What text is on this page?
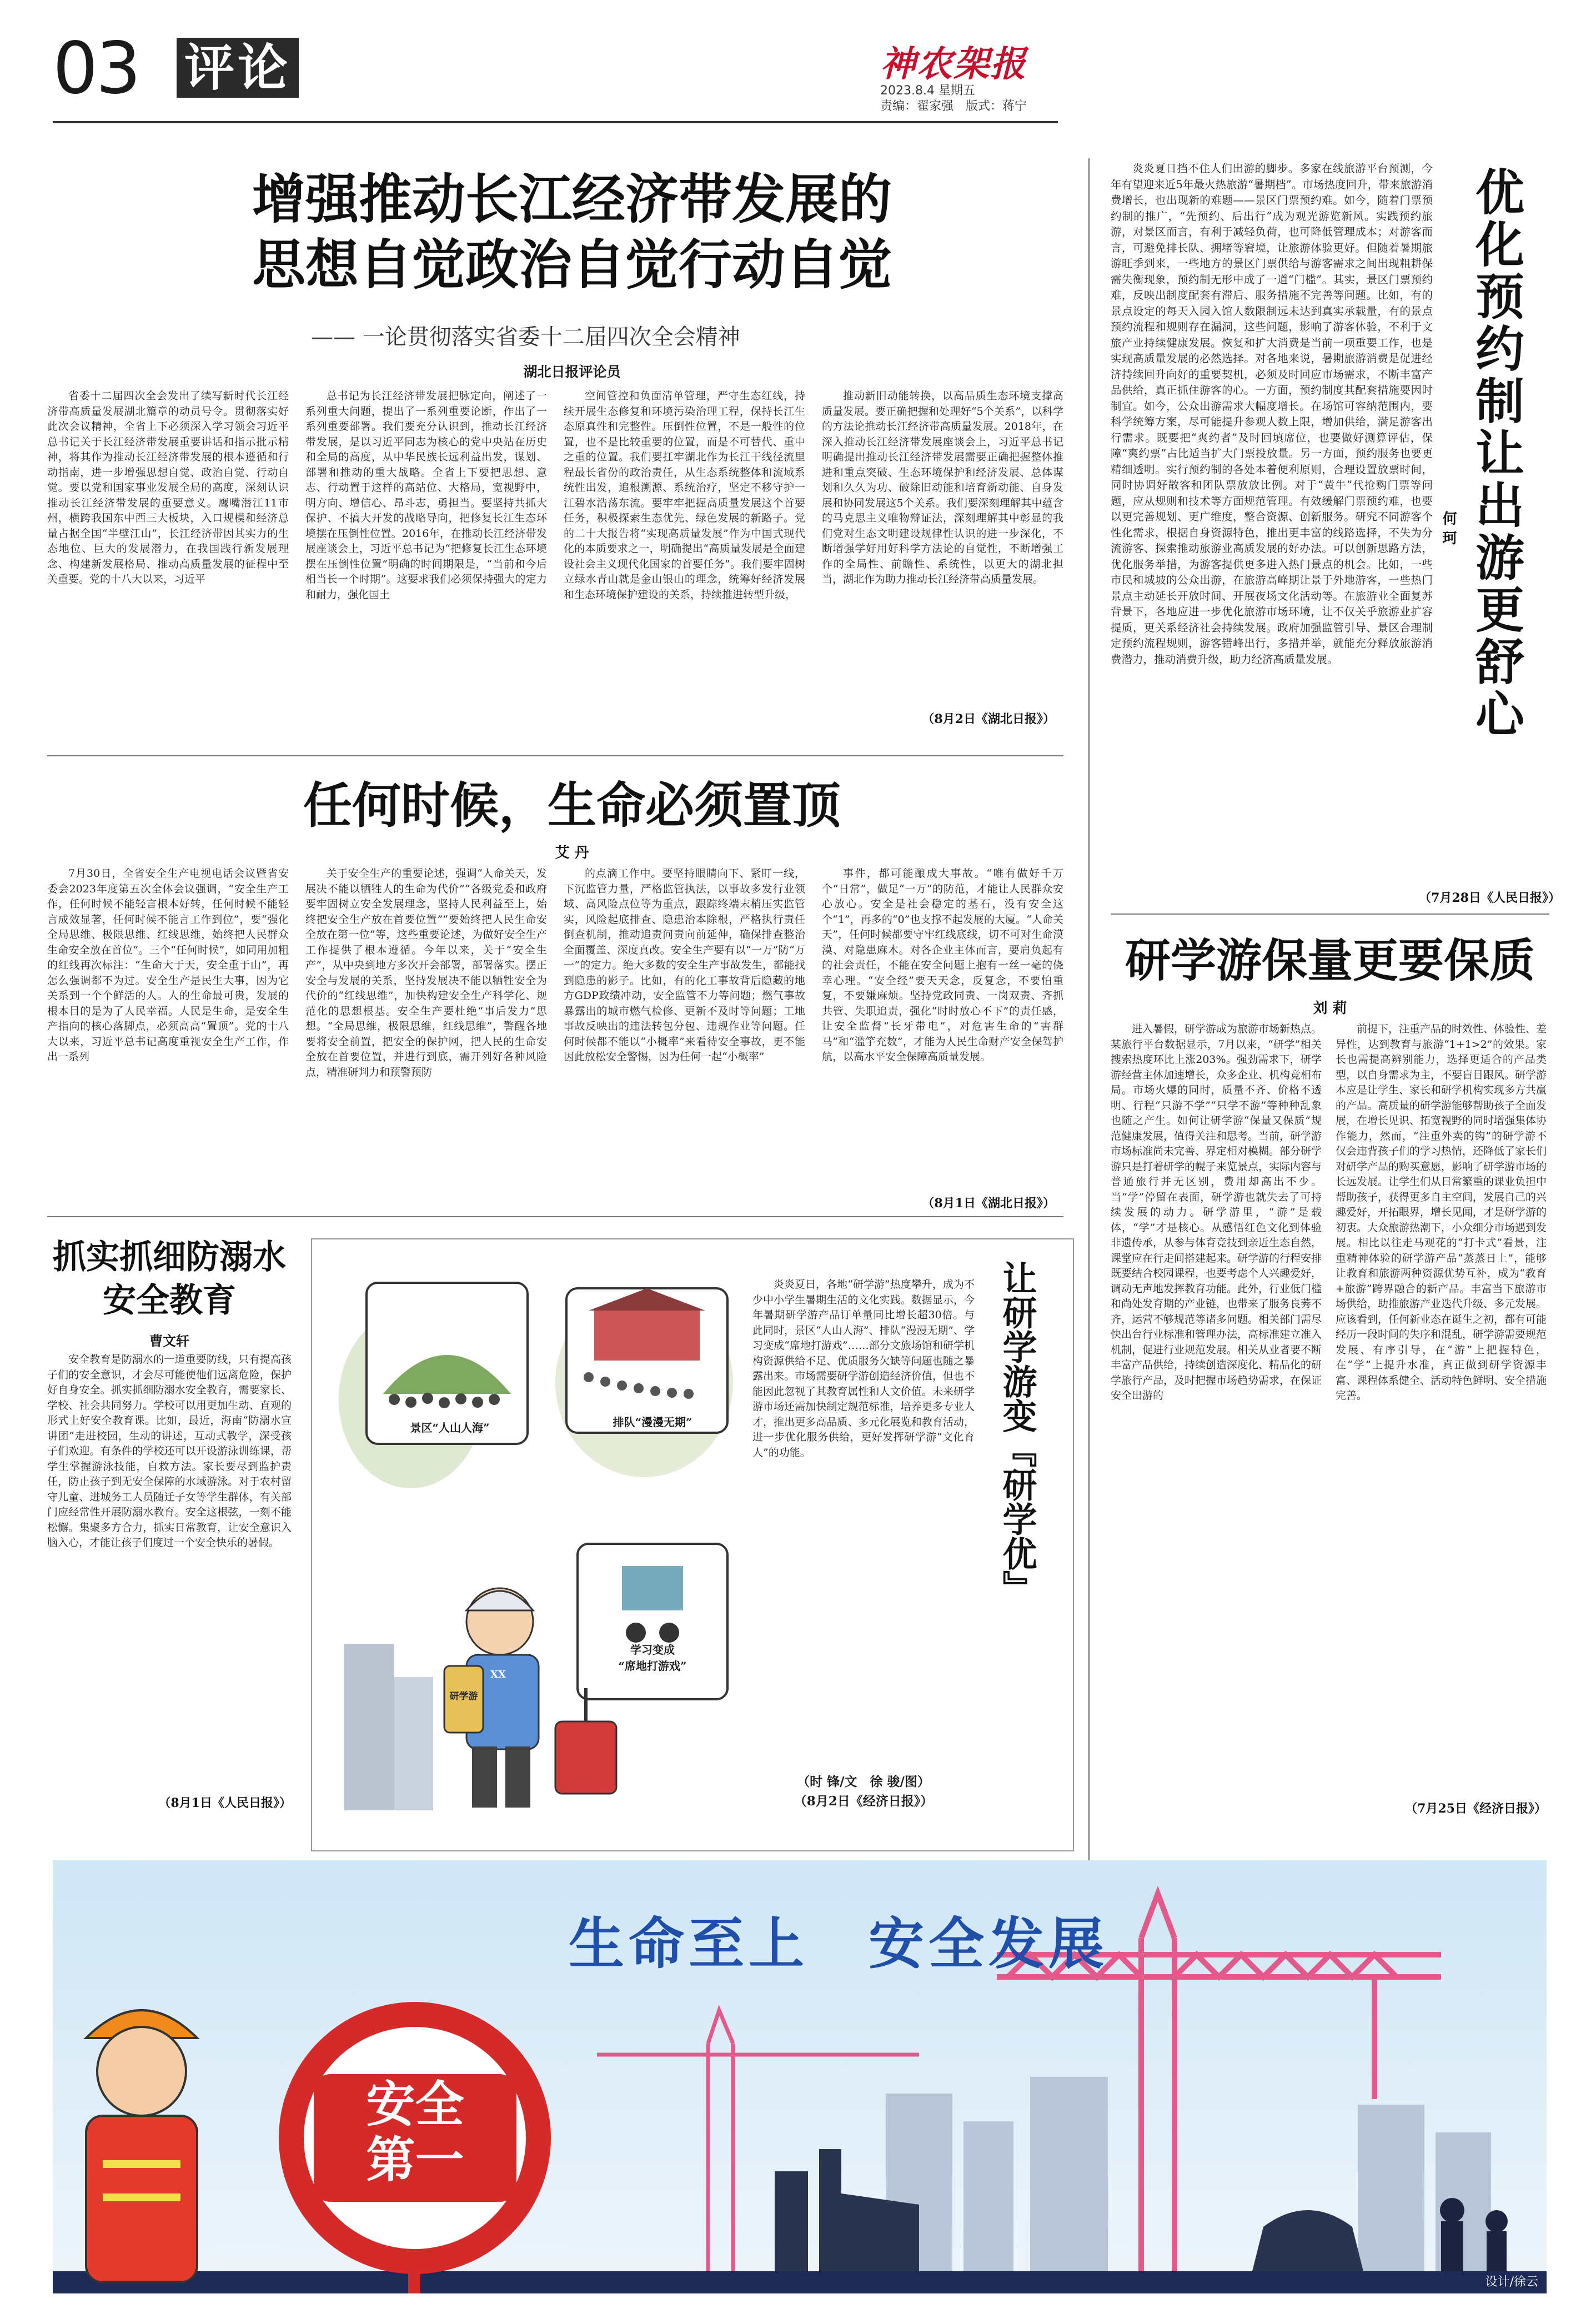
03 评论	神农架报
2023.8.4 星期五
责编：翟家强　版式：蒋宁
增强推动长江经济带发展的
思想自觉政治自觉行动自觉
—— 一论贯彻落实省委十二届四次全会精神
湖北日报评论员
省委十二届四次全会发出了续写新时代长江经济带高质量发展湖北篇章的动员号令。贯彻落实好此次会议精神，全省上下必须深入学习领会习近平总书记关于长江经济带发展重要讲话和指示批示精神，将其作为推动长江经济带发展的根本遵循和行动指南，进一步增强思想自觉、政治自觉、行动自觉。要以党和国家事业发展全局的高度，深刻认识推动长江经济带发展的重要意义。鹰嘴潜江11市州，横跨我国东中西三大板块，入口规模和经济总量占据全国“半壁江山”，长江经济带因其实力的生态地位、巨大的发展潜力，在我国践行新发展理念、构建新发展格局、推动高质量发展的征程中至关重要。党的十八大以来，习近平
总书记为长江经济带发展把脉定向，阐述了一系列重大问题，提出了一系列重要论断，作出了一系列重要部署。我们要充分认识到，推动长江经济带发展，是以习近平同志为核心的党中央站在历史和全局的高度，从中华民族长远利益出发，谋划、部署和推动的重大战略。全省上下要把思想、意志、行动置于这样的高站位、大格局，宽视野中，明方向、增信心、昂斗志，勇担当。要坚持共抓大保护、不搞大开发的战略导向，把修复长江生态环境摆在压倒性位置。2016年，在推动长江经济带发展座谈会上，习近平总书记为“把修复长江生态环境摆在压倒性位置”明确的时间期限是，“当前和今后相当长一个时期”。这要求我们必须保持强大的定力和耐力，强化国土
空间管控和负面清单管理，严守生态红线，持续开展生态修复和环境污染治理工程，保持长江生态原真性和完整性。压倒性位置，不是一般性的位置，也不是比较重要的位置，而是不可替代、重中之重的位置。我们要扛牢湖北作为长江干线径流里程最长省份的政治责任，从生态系统整体和流域系统性出发，追根溯源、系统治疗，坚定不移守护一江碧水浩荡东流。要牢牢把握高质量发展这个首要任务，积极探索生态优先、绿色发展的新路子。党的二十大报告将“实现高质量发展”作为中国式现代化的本质要求之一，明确提出“高质量发展是全面建设社会主义现代化国家的首要任务”。我们要牢固树立绿水青山就是金山银山的理念，统筹好经济发展和生态环境保护建设的关系，持续推进转型升级，
推动新旧动能转换，以高品质生态环境支撑高质量发展。要正确把握和处理好“5个关系”，以科学的方法论推动长江经济带高质量发展。2018年，在深入推动长江经济带发展座谈会上，习近平总书记明确提出推动长江经济带发展需要正确把握整体推进和重点突破、生态环境保护和经济发展、总体谋划和久久为功、破除旧动能和培育新动能、自身发展和协同发展这5个关系。我们要深刻理解其中蕴含的马克思主义唯物辩证法，深刻理解其中彰显的我们党对生态文明建设规律性认识的进一步深化，不断增强学好用好科学方法论的自觉性，不断增强工作的全局性、前瞻性、系统性，以更大的湖北担当，湖北作为助力推动长江经济带高质量发展。
（8月2日《湖北日报》）
任何时候，生命必须置顶
艾 丹
7月30日，全省安全生产电视电话会议暨省安委会2023年度第五次全体会议强调，“安全生产工作，任何时候不能轻言根本好转，任何时候不能轻言成效显著，任何时候不能言工作到位”，要“强化全局思维、极限思维、红线思维，始终把人民群众生命安全放在首位”。三个“任何时候”，如同用加粗的红线再次标注：“生命大于天，安全重于山”，再怎么强调都不为过。安全生产是民生大事，因为它关系到一个个鲜活的人。人的生命最可贵，发展的根本目的是为了人民幸福。人民是生命，是安全生产指向的核心落脚点，必须高高“置顶”。党的十八大以来，习近平总书记高度重视安全生产工作，作出一系列
关于安全生产的重要论述，强调“人命关天，发展决不能以牺牲人的生命为代价”“各级党委和政府要牢固树立安全发展理念，坚持人民利益至上，始终把安全生产放在首要位置”“要始终把人民生命安全放在第一位”等，这些重要论述，为做好安全生产工作提供了根本遵循。今年以来，关于“安全生产”，从中央到地方多次开会部署，部署落实。摆正安全与发展的关系，坚持发展决不能以牺牲安全为代价的“红线思维”，加快构建安全生产科学化、规范化的思想根基。安全生产要杜绝“事后发力”思想。“全局思维，极限思维，红线思维”，警醒各地要将安全前置，把安全的保护网，把人民的生命安全放在首要位置，并进行到底，需开列好各种风险点，精准研判力和预警预防
的点滴工作中。要坚持眼睛向下、紧盯一线，下沉监管力量，严格监管执法，以事故多发行业领域、高风险点位等为重点，跟踪终端末梢压实监管实，风险起底排查、隐患治本除根，严格执行责任倒查机制，推动追责问责向前延伸，确保排查整治全面覆盖、深度真改。安全生产要有以“一万”防“万一”的定力。绝大多数的安全生产事故发生，都能找到隐患的影子。比如，有的化工事故背后隐藏的地方GDP政绩冲动，安全监管不力等问题；燃气事故暴露出的城市燃气检修、更新不及时等问题；工地事故反映出的违法转包分包、违规作业等问题。任何时候都不能以“小概率”来看待安全事故，更不能因此放松安全警惕，因为任何一起“小概率”
事件，都可能酿成大事故。“唯有做好千万个“日常”，做足“一万”的防范，才能让人民群众安心放心。安全是社会稳定的基石，没有安全这个“1”，再多的“0”也支撑不起发展的大厦。“人命关天”，任何时候都要守牢红线底线，切不可对生命漠漠、对隐患麻木。对各企业主体而言，要肩负起有的社会责任，不能在安全问题上抱有一丝一毫的侥幸心理。“安全经”要天天念，反复念，不要怕重复，不要嫌麻烦。坚持党政同责、一岗双责、齐抓共管、失职追责，强化“时时放心不下”的责任感，让安全监督“长牙带电”，对危害生命的“害群马”和“滥竽充数”，才能为人民生命财产安全保驾护航，以高水平安全保障高质量发展。
（8月1日《湖北日报》）
炎炎夏日挡不住人们出游的脚步。多家在线旅游平台预测，今年有望迎来近5年最火热旅游“暑期档”。市场热度回升，带来旅游消费增长，也出现新的难题——景区门票预约难。如今，随着门票预约制的推广，“先预约、后出行”成为观光游览新风。实践预约旅游，对景区而言，有利于减轻负荷，也可降低管理成本；对游客而言，可避免排长队、拥堵等窘境，让旅游体验更好。但随着暑期旅游旺季到来，一些地方的景区门票供给与游客需求之间出现粗耕保需失衡现象，预约制无形中成了一道“门槛”。其实，景区门票预约难，反映出制度配套有滞后、服务措施不完善等问题。比如，有的景点设定的每天入园入馆人数限制远未达到真实承载量，有的景点预约流程和规则存在漏洞，这些问题，影响了游客体验，不利于文旅产业持续健康发展。恢复和扩大消费是当前一项重要工作，也是实现高质量发展的必然选择。对各地来说，暑期旅游消费是促进经济持续回升向好的重要契机，必须及时回应市场需求，不断丰富产品供给，真正抓住游客的心。一方面，预约制度其配套措施要因时制宜。如今，公众出游需求大幅度增长。在场馆可容纳范围内，要科学统筹方案，尽可能提升参观人数上限，增加供给，满足游客出行需求。既要把“爽约者”及时回填席位，也要做好测算评估，保障“爽约票”占比适当扩大门票投放量。另一方面，预约服务也要更精细透明。实行预约制的各处本着便利原则，合理设置放票时间，同时协调好散客和团队票放放比例。对于“黄牛”代抢购门票等问题，应从规则和技术等方面规范管理。有效缓解门票预约难，也要以更完善规划、更广维度，整合资源、创新服务。研究不同游客个性化需求，根据自身资源特色，推出更丰富的线路选择，不失为分流游客、探索推动旅游业高质发展的好办法。可以创新思路方法，优化服务举措，为游客提供更多进入热门景点的机会。比如，一些市民和城坡的公众出游，在旅游高峰期让景于外地游客，一些热门景点主动延长开放时间、开展夜场文化活动等。在旅游业全面复苏背景下，各地应进一步优化旅游市场环境，让不仅关乎旅游业扩容提质，更关系经济社会持续发展。政府加强监管引导、景区合理制定预约流程规则，游客错峰出行，多措并举，就能充分释放旅游消费潜力，推动消费升级，助力经济高质量发展。	优化预约制让出游更舒心
何 珂
（7月28日《人民日报》）
研学游保量更要保质
刘 莉
进入暑假，研学游成为旅游市场新热点。某旅行平台数据显示，7月以来，“研学”相关搜索热度环比上涨203%。强劲需求下，研学游经营主体加速增长，众多企业、机构竞相布局。市场火爆的同时，质量不齐、价格不透明、行程“只游不学”“只学不游”等种种乱象也随之产生。如何让研学游“保量又保质”规范健康发展，值得关注和思考。当前，研学游市场标准尚未完善、界定相对模糊。部分研学游只是打着研学的幌子来览景点，实际内容与普通旅行并无区别，费用却高出不少。当“学”停留在表面，研学游也就失去了可持续发展的动力。研学游里，“游”是载体，“学”才是核心。从感悟红色文化到体验非遗传承，从参与体育竞技到亲近生态自然，课堂应在行走间搭建起来。研学游的行程安排既要结合校园课程，也要考虑个人兴趣爱好，调动无声地发挥教育功能。此外，行业低门槛和尚处发育期的产业链，也带来了服务良莠不齐，运营不够规范等诸多问题。相关部门需尽快出台行业标准和管理办法，高标准建立准入机制，促进行业规范发展。相关从业者要不断丰富产品供给，持续创造深度化、精品化的研学旅行产品，及时把握市场趋势需求，在保证安全出游的
前提下，注重产品的时效性、体验性、差异性，达到教育与旅游“1+1>2”的效果。家长也需提高辨别能力，选择更适合的产品类型，以自身需求为主，不要盲目跟风。研学游本应是让学生、家长和研学机构实现多方共赢的产品。高质量的研学游能够帮助孩子全面发展，在增长见识、拓宽视野的同时增强集体协作能力，然而，“注重外卖的钩”的研学游不仅会违背孩子们的学习热情，还降低了家长们对研学产品的购买意愿，影响了研学游市场的长远发展。让学生们从日常繁重的课业负担中帮助孩子，获得更多自主空间，发展自己的兴趣爱好，开拓眼界，增长见闻，才是研学游的初衷。大众旅游热潮下，小众细分市场遇到发展。相比以往走马观花的“打卡式”看景，注重精神体验的研学游产品“蒸蒸日上”，能够让教育和旅游两种资源优势互补，成为“教育+旅游”跨界融合的新产品。丰富当下旅游市场供给，助推旅游产业迭代升级、多元发展。应该看到，任何新业态在诞生之初，都有可能经历一段时间的失序和混乱，研学游需要规范发展、有序引导，在“游”上把握特色，在“学”上提升水准，真正做到研学资源丰富、课程体系健全、活动特色鲜明、安全措施完善。
（7月25日《经济日报》）
抓实抓细防溺水
安全教育
曹文轩
安全教育是防溺水的一道重要防线，只有提高孩子们的安全意识，才会尽可能使他们远离危险，保护好自身安全。抓实抓细防溺水安全教育，需要家长、学校、社会共同努力。学校可以用更加生动、直观的形式上好安全教育课。比如，最近，海南“防溺水宣讲团”走进校园，生动的讲述，互动式教学，深受孩子们欢迎。有条件的学校还可以开设游泳训练课，帮学生掌握游泳技能，自救方法。家长要尽到监护责任，防止孩子到无安全保障的水域游泳。对于农村留守儿童、进城务工人员随迁子女等学生群体，有关部门应经常性开展防溺水教育。安全这根弦，一刻不能松懈。集聚多方合力，抓实日常教育，让安全意识入脑入心，才能让孩子们度过一个安全快乐的暑假。
（8月1日《人民日报》）
景区“人山人海”	排队“漫漫无期”
学习变成
“席地打游戏”
XX
研学游
炎炎夏日，各地“研学游”热度攀升，成为不少中小学生暑期生活的文化实践。数据显示，今年暑期研学游产品订单量同比增长超30倍。与此同时，景区“人山人海”、排队“漫漫无期”、学习变成“席地打游戏”……部分文旅场馆和研学机构资源供给不足、优质服务欠缺等问题也随之暴露出来。市场需要研学游创造经济价值，但也不能因此忽视了其教育属性和人文价值。未来研学游市场还需加快制定规范标准，培养更多专业人才，推出更多高品质、多元化展览和教育活动，进一步优化服务供给，更好发挥研学游“文化育人”的功能。	让研学游变『研学优』
（时 锋/文　徐 骏/图）
（8月2日《经济日报》）
生命至上　安全发展
安全
第一
设计/徐云
